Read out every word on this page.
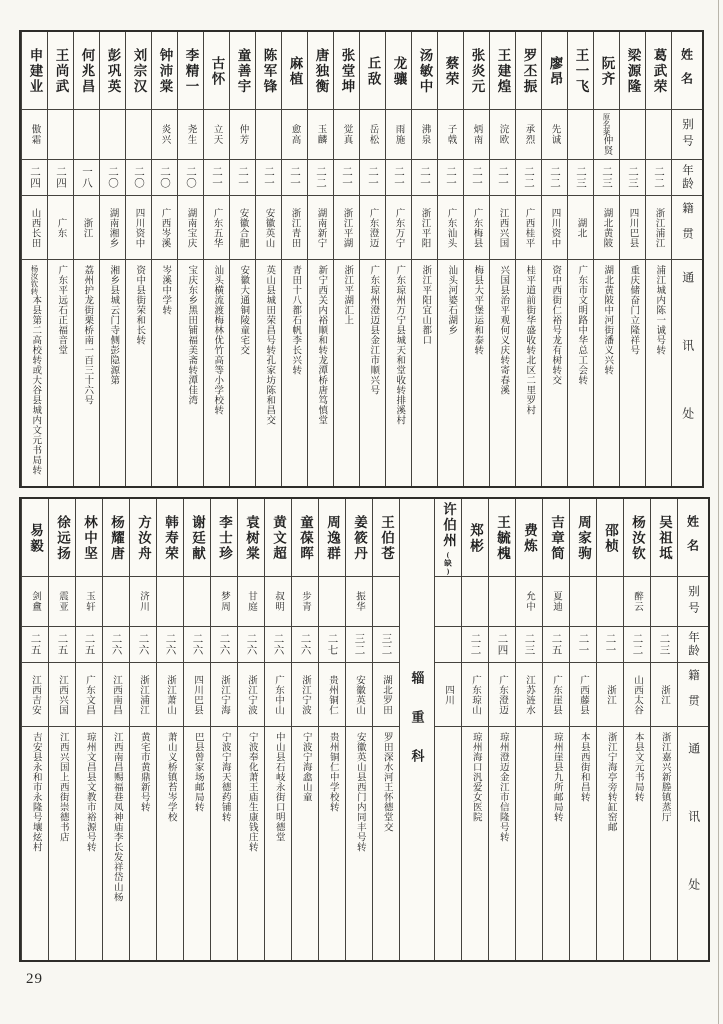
姓名
别号
年龄
籍贯
通讯处
葛武荣
二二
浙江浦江
浦江城内陈一诚号转
梁源隆
二三
四川巴县
重庆储奋门立隆祥号
阮齐
原名棻
仲贤
二三
湖北黄陂
湖北黄陂中河街潘义兴转
王一飞
二三
湖北
广东市文明路中华总工会转
廖昂
先诚
二二
四川资中
资中西街仁裕号龙有树转交
罗丕振
承烈
二二
广西桂平
桂平道前街华盛收转北区二里罗村
王建煌
浣欧
二一
江西兴国
兴国县治平观何义庆转寄春溪
张炎元
炳南
二一
广东梅县
梅县大平堡运和泰转
蔡荣
子戟
二一
广东汕头
汕头河婆石湖乡
汤敏中
沸泉
二一
浙江平阳
浙江平阳宜山都口
龙骧
雨施
二一
广东万宁
广东琼州万宁县城天和堂收转排溪村
丘敌
岳松
二一
广东澄迈
广东琼州澄迈县金江市顺兴号
张堂坤
觉真
二一
浙江平湖
浙江平湖汇上
唐独衡
玉麟
二二
湖南新宁
新宁西关内裕顺和转龙潭桥唐笃慎堂
麻植
愈高
二一
浙江青田
青田十八都石帆李长兴转
陈军锋
二一
安徽英山
英山县城田荣昌号转孔家坊陈和昌交
童善宇
仲芳
二一
安徽合肥
安徽大通铜陵童宅交
古怀
立天
二一
广东五华
汕头横流渡梅林优竹高等小学校转
李精一
尧生
二〇
湖南宝庆
宝庆东乡黑田铺福美斋转潭佳湾
钟沛棠
炎兴
二〇
广西岑溪
岑溪中学转
刘宗汉
二〇
四川资中
资中县街荣和长转
彭巩英
二〇
湖南湘乡
湘乡县城云门寺侧彭隐源第
何兆昌
一八
浙江
荔州护龙街栗桥南一百三十六号
王尚武
二四
广东
广东平远石正福音堂
申建业
傲霜
二四
山西长田
杨汝钦转
本县第二高校转或大谷县城内文元书局转
姓名
别号
年龄
籍贯
通讯处
吴祖坻
二三
浙江
浙江嘉兴新塍镇蒸厅
杨汝钦
醉云
二二
山西太谷
本县文元书局转
邵桢
二一
浙江
浙江宁海亭旁转缸窑邮
周家驹
二一
广西藤县
本县西街和昌转
吉章简
夏迪
二五
广东崖县
琼州崖县九所邮局转
费炼
允中
二三
江苏涟水
王毓槐
二四
广东澄迈
琼州澄迈金江市信隆号转
郑彬
二二
广东琼山
琼州海口汎爱女医院
许伯州
(缺)
四川
辎重科
王伯苍
三二
湖北罗田
罗田深水河王怀德堂交
姜筱丹
振华
三二
安徽英山
安徽英山县西门内同丰号转
周逸群
二七
贵州铜仁
贵州铜仁中学校转
童葆晖
步青
二六
浙江宁波
宁波宁海嵞山童
黄文超
叔明
二六
广东中山
中山县石岐永街口明德堂
袁树棠
甘庭
二六
浙江宁波
宁波奉化萧王庙生康钱庄转
李士珍
梦周
二六
浙江宁海
宁波宁海天德药铺转
谢廷献
二六
四川巴县
巴县曾家场邮局转
韩寿荣
二六
浙江萧山
萧山义桥镇苔岑学校
方汝舟
济川
二六
浙江浦江
黄宅市黄鼎新号转
杨耀唐
二六
江西南昌
江西南昌赐福巷凤神庙李长发祥岱山杨
林中坚
玉轩
二五
广东文昌
琼州文昌县文教市裕源号转
徐远扬
震亚
二五
江西兴国
江西兴国上西街崇德书店
易毅
剑盫
二五
江西吉安
吉安县永和市永隆号壤炫村
29
